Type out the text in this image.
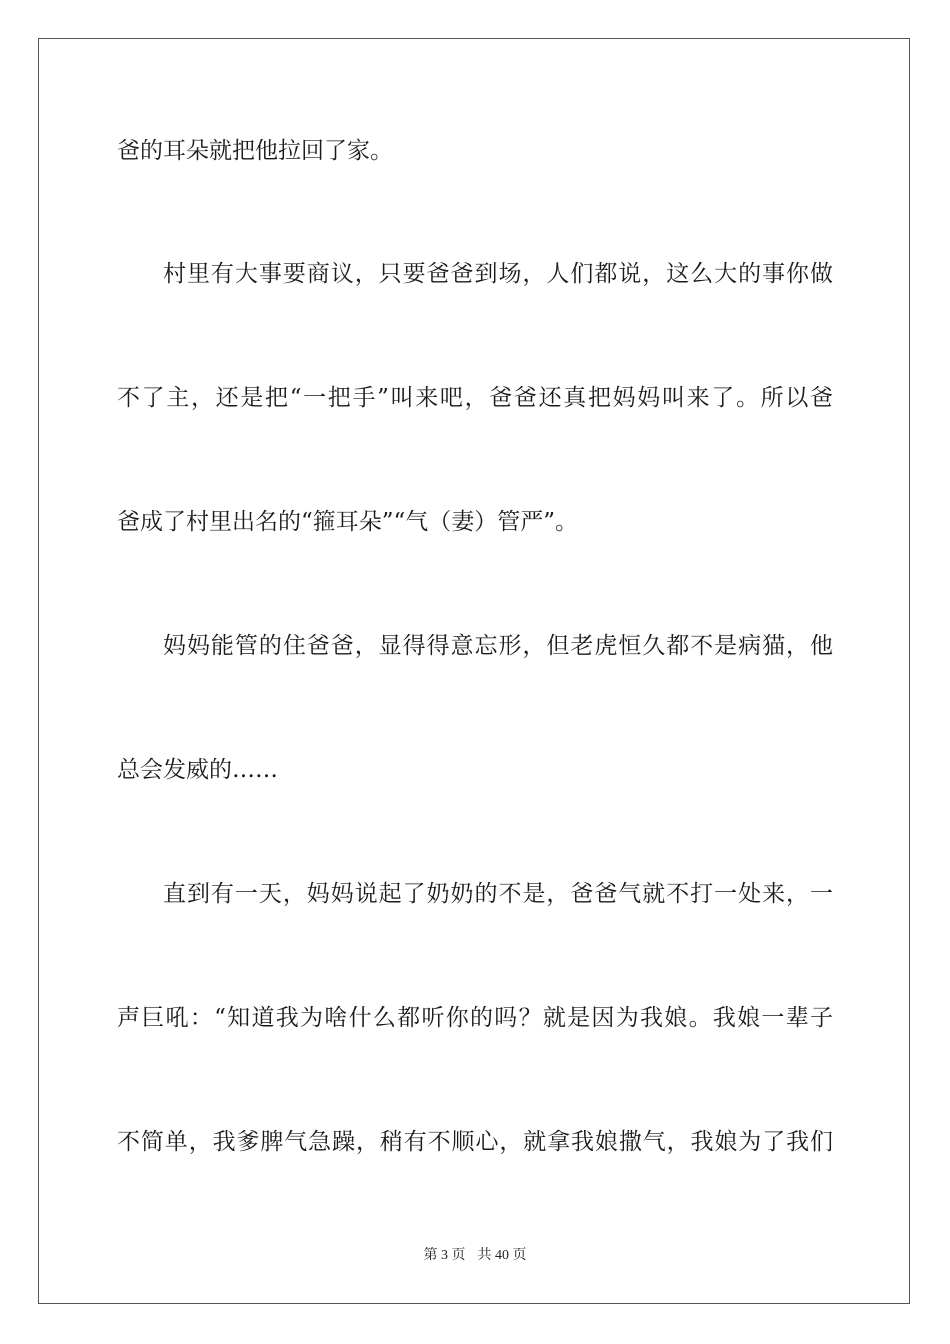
爸的耳朵就把他拉回了家。
村里有大事要商议，只要爸爸到场，人们都说，这么大的事你做
不了主，还是把“一把手”叫来吧，爸爸还真把妈妈叫来了。所以爸
爸成了村里出名的“箍耳朵”“气（妻）管严”。
妈妈能管的住爸爸，显得得意忘形，但老虎恒久都不是病猫，他
总会发威的……
直到有一天，妈妈说起了奶奶的不是，爸爸气就不打一处来，一
声巨吼：“知道我为啥什么都听你的吗？就是因为我娘。我娘一辈子
不简单，我爹脾气急躁，稍有不顺心，就拿我娘撒气，我娘为了我们
第 3 页 共 40 页
